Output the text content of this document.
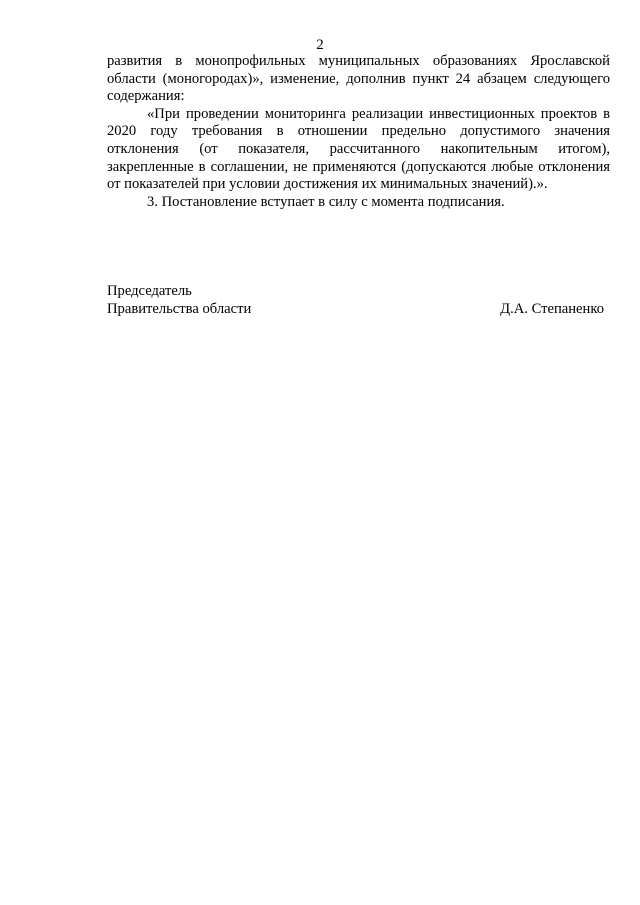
2

развития в монопрофильных муниципальных образованиях Ярославской области (моногородах)», изменение, дополнив пункт 24 абзацем следующего содержания:

«При проведении мониторинга реализации инвестиционных проектов в 2020 году требования в отношении предельно допустимого значения отклонения (от показателя, рассчитанного накопительным итогом), закрепленные в соглашении, не применяются (допускаются любые отклонения от показателей при условии достижения их минимальных значений).».

3. Постановление вступает в силу с момента подписания.

Председатель
Правительства области	Д.А. Степаненко
